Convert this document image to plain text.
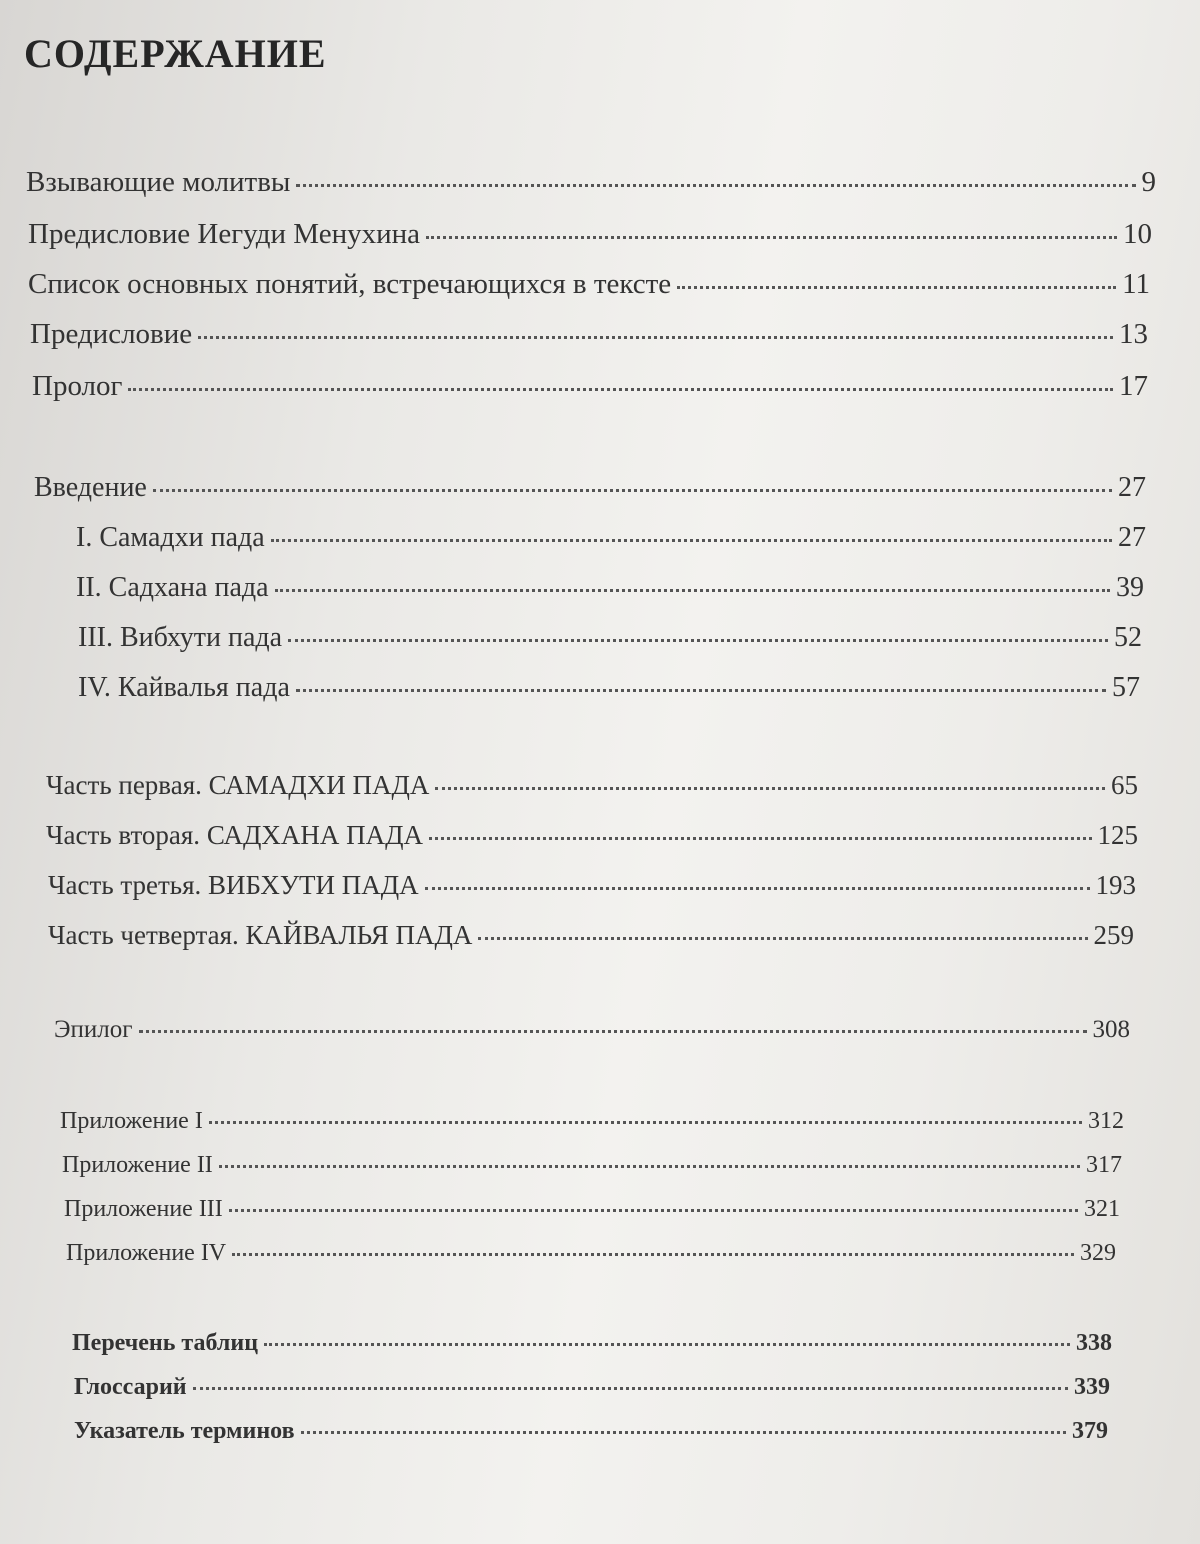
СОДЕРЖАНИЕ
Взывающие молитвы	9
Предисловие Иегуди Менухина	10
Список основных понятий, встречающихся в тексте	11
Предисловие	13
Пролог	17
Введение	27
I. Самадхи пада	27
II. Садхана пада	39
III. Вибхути пада	52
IV. Кайвалья пада	57
Часть первая. САМАДХИ ПАДА	65
Часть вторая. САДХАНА ПАДА	125
Часть третья. ВИБХУТИ ПАДА	193
Часть четвертая. КАЙВАЛЬЯ ПАДА	259
Эпилог	308
Приложение I	312
Приложение II	317
Приложение III	321
Приложение IV	329
Перечень таблиц	338
Глоссарий	339
Указатель терминов	379
